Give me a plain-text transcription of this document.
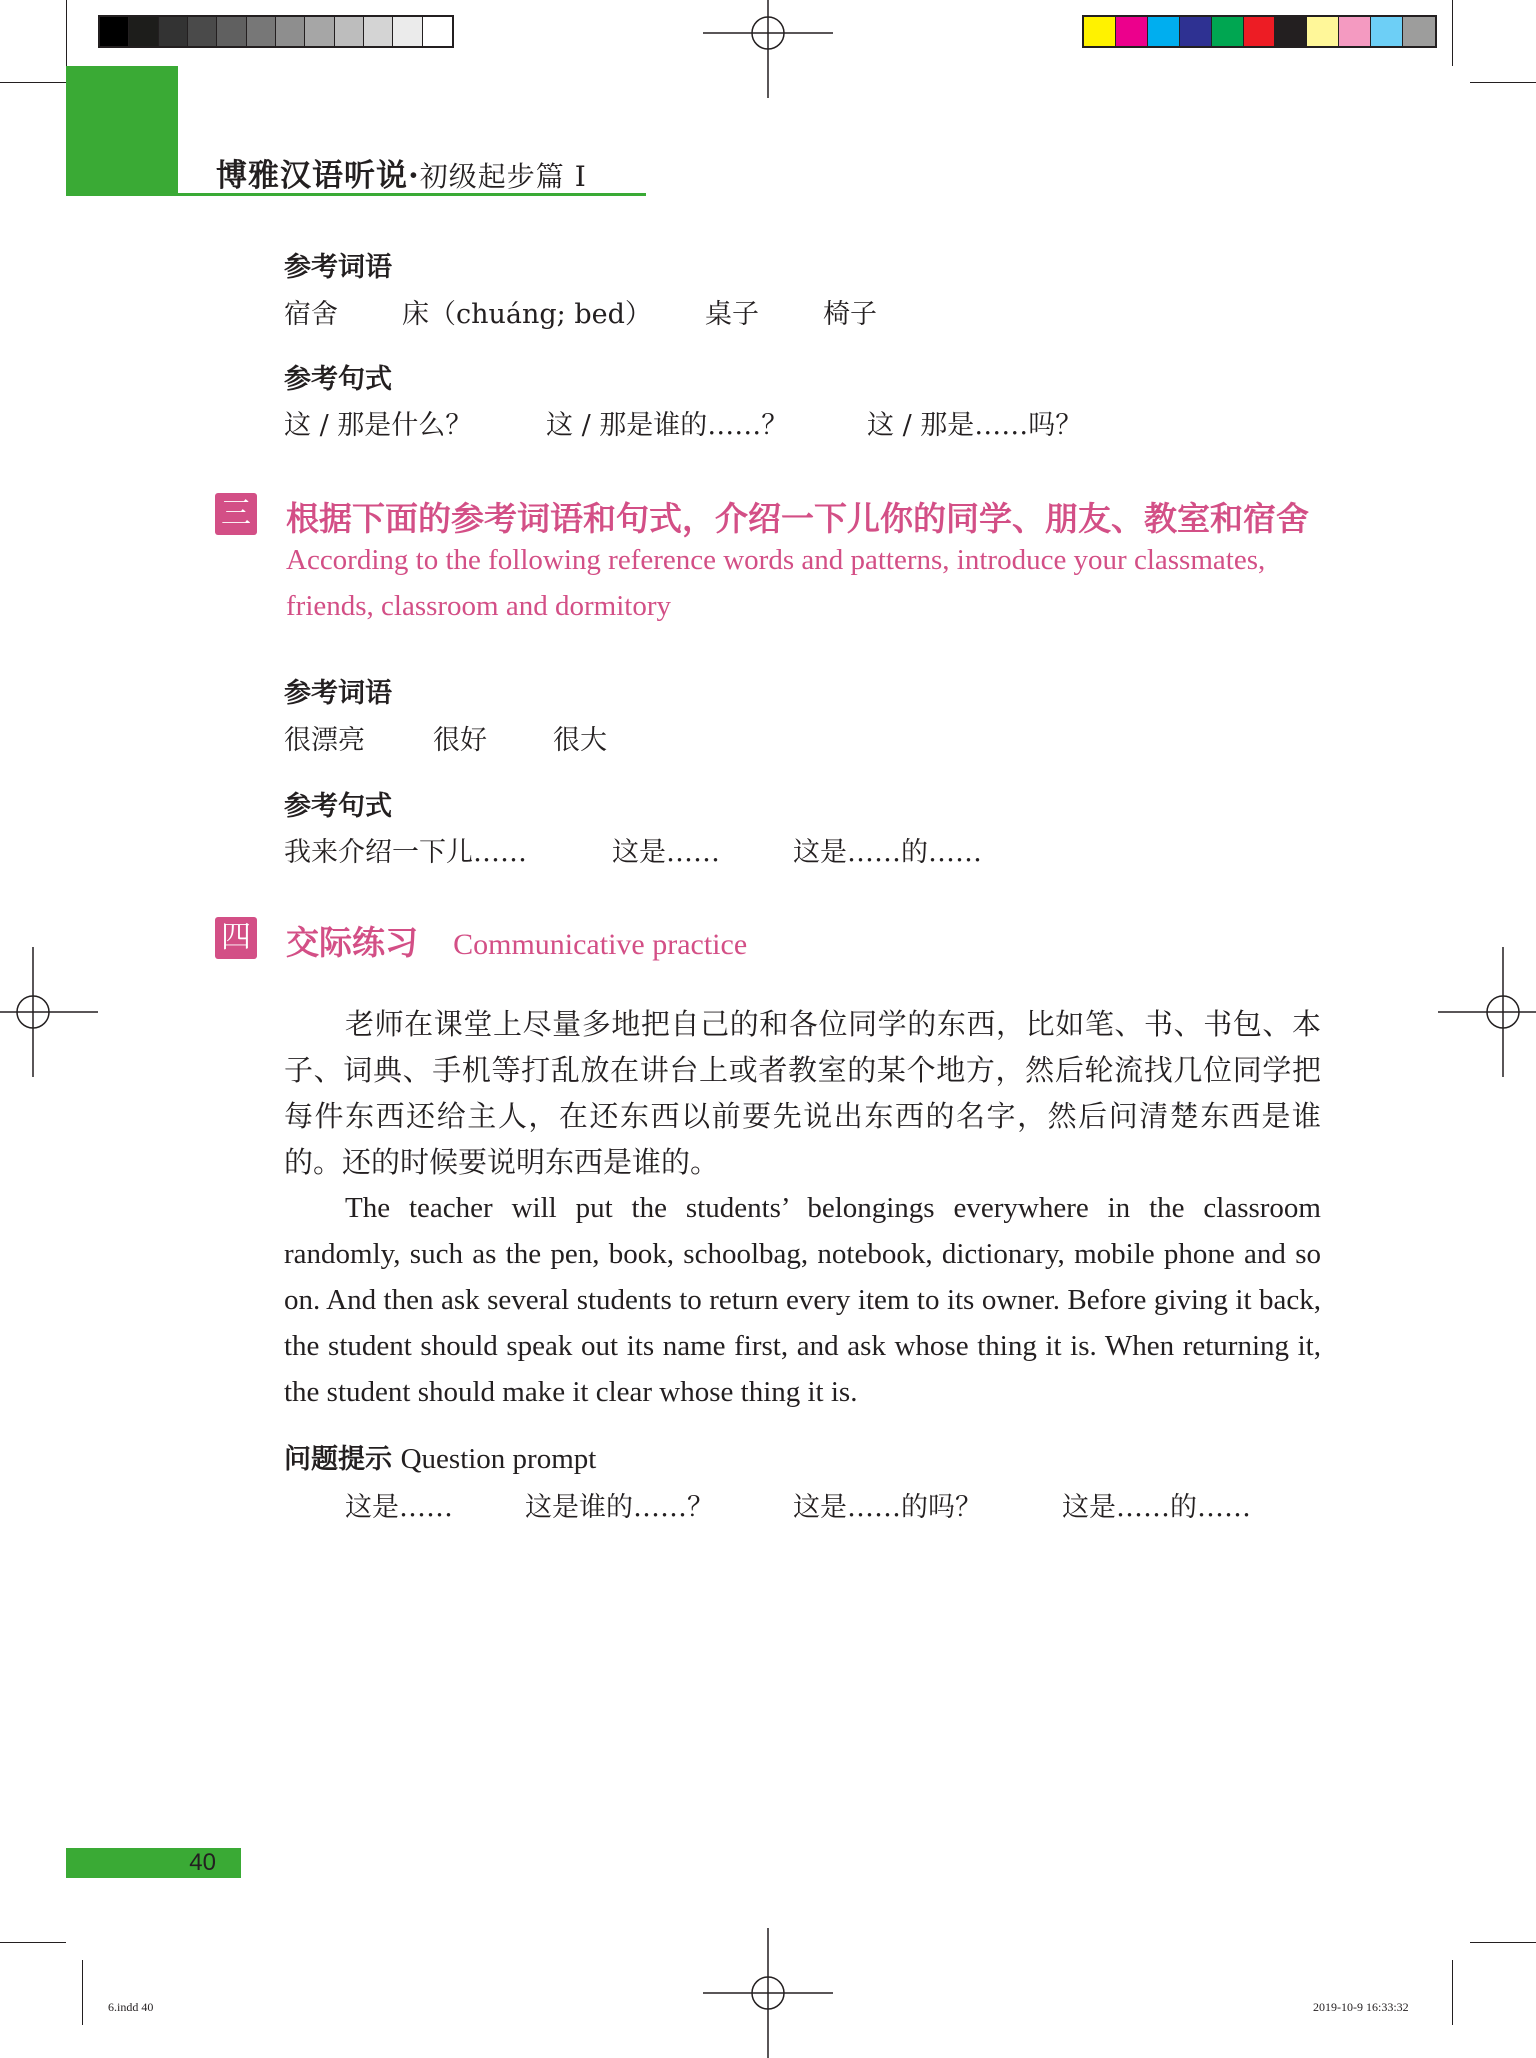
博雅汉语听说·初级起步篇 I
参考词语
宿舍 床（chuáng; bed） 桌子 椅子
参考句式
这 / 那是什么？	这 / 那是谁的……？	这 / 那是……吗？
三 根据下面的参考词语和句式，介绍一下儿你的同学、朋友、教室和宿舍
According to the following reference words and patterns, introduce your classmates, friends, classroom and dormitory
参考词语
很漂亮	很好 很大
参考句式
我来介绍一下儿……	这是……	这是……的……
四 交际练习 Communicative practice
老师在课堂上尽量多地把自己的和各位同学的东西，比如笔、书、书包、本子、词典、手机等打乱放在讲台上或者教室的某个地方，然后轮流找几位同学把每件东西还给主人，在还东西以前要先说出东西的名字，然后问清楚东西是谁的。还的时候要说明东西是谁的。
The teacher will put the students’ belongings everywhere in the classroom randomly, such as the pen, book, schoolbag, notebook, dictionary, mobile phone and so on. And then ask several students to return every item to its owner. Before giving it back, the student should speak out its name first, and ask whose thing it is. When returning it, the student should make it clear whose thing it is.
问题提示 Question prompt
这是……	这是谁的……？	这是……的吗？	这是……的……
40
6.indd 40	2019-10-9 16:33:32
